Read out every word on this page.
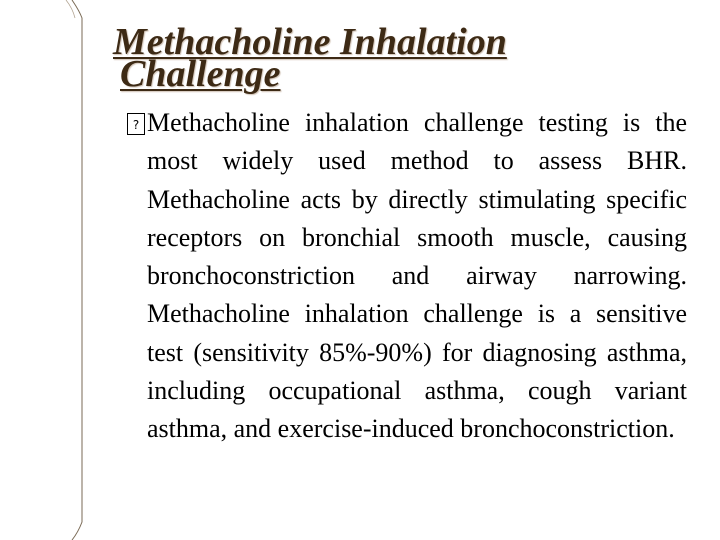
Methacholine Inhalation
Challenge
? Methacholine inhalation challenge testing is the most widely used method to assess BHR. Methacholine acts by directly stimulating specific receptors on bronchial smooth muscle, causing bronchoconstriction and airway narrowing. Methacholine inhalation challenge is a sensitive test (sensitivity 85%-90%) for diagnosing asthma, including occupational asthma, cough variant asthma, and exercise-induced bronchoconstriction.
